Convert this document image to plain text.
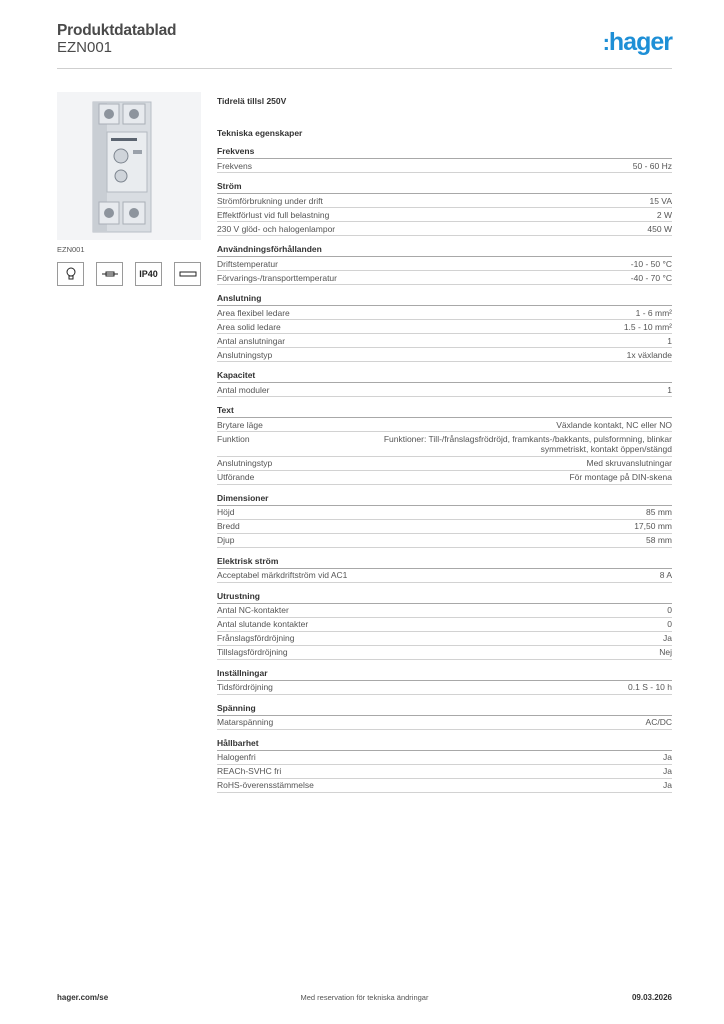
Produktdatablad
EZN001	:hager
EZN001
IP40
Tidrelä tillsl 250V
Tekniska egenskaper
Frekvens
Frekvens	50 - 60 Hz
Ström
Strömförbrukning under drift	15 VA
Effektförlust vid full belastning	2 W
230 V glöd- och halogenlampor	450 W
Användningsförhållanden
Driftstemperatur	-10 - 50 °C
Förvarings-/transporttemperatur	-40 - 70 °C
Anslutning
Area flexibel ledare	1 - 6 mm²
Area solid ledare	1.5 - 10 mm²
Antal anslutningar	1
Anslutningstyp	1x växlande
Kapacitet
Antal moduler	1
Text
Brytare läge	Växlande kontakt, NC eller NO
Funktion	Funktioner: Till-/frånslagsfrödröjd, framkants-/bakkants, pulsformning, blinkar symmetriskt, kontakt öppen/stängd
Anslutningstyp	Med skruvanslutningar
Utförande	För montage på DIN-skena
Dimensioner
Höjd	85 mm
Bredd	17,50 mm
Djup	58 mm
Elektrisk ström
Acceptabel märkdriftström vid AC1	8 A
Utrustning
Antal NC-kontakter	0
Antal slutande kontakter	0
Frånslagsfördröjning	Ja
Tillslagsfördröjning	Nej
Inställningar
Tidsfördröjning	0.1 S - 10 h
Spänning
Matarspänning	AC/DC
Hållbarhet
Halogenfri	Ja
REACh-SVHC fri	Ja
RoHS-överensstämmelse	Ja
hager.com/se	Med reservation för tekniska ändringar	09.03.2026
